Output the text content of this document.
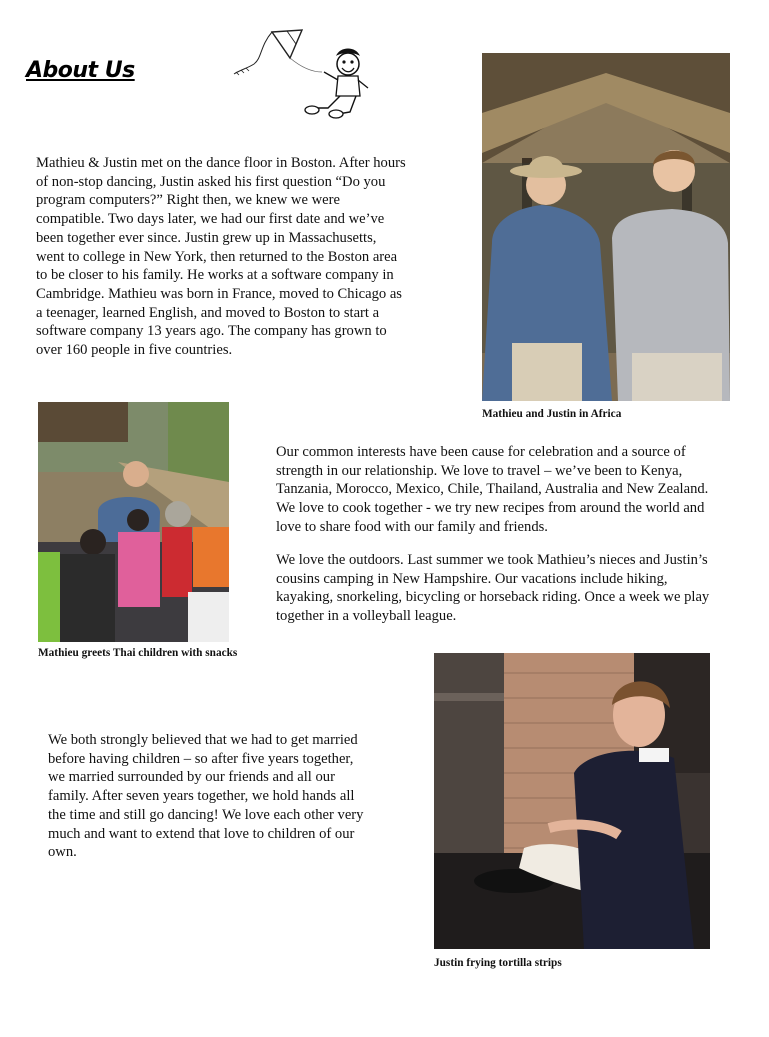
About Us

Mathieu & Justin met on the dance floor in Boston. After hours of non-stop dancing, Justin asked his first question “Do you program computers?” Right then, we knew we were compatible. Two days later, we had our first date and we’ve been together ever since. Justin grew up in Massachusetts, went to college in New York, then returned to the Boston area to be closer to his family. He works at a software company in Cambridge. Mathieu was born in France, moved to Chicago as a teenager, learned English, and moved to Boston to start a software company 13 years ago. The company has grown to over 160 people in five countries.

Mathieu and Justin in Africa

Mathieu greets Thai children with snacks

Our common interests have been cause for celebration and a source of strength in our relationship. We love to travel – we’ve been to Kenya, Tanzania, Morocco, Mexico, Chile, Thailand, Australia and New Zealand. We love to cook together - we try new recipes from around the world and love to share food with our family and friends.

We love the outdoors. Last summer we took Mathieu’s nieces and Justin’s cousins camping in New Hampshire. Our vacations include hiking, kayaking, snorkeling, bicycling or horseback riding. Once a week we play together in a volleyball league.

We both strongly believed that we had to get married before having children – so after five years together, we married surrounded by our friends and all our family. After seven years together, we hold hands all the time and still go dancing! We love each other very much and want to extend that love to children of our own.

Justin frying tortilla strips
